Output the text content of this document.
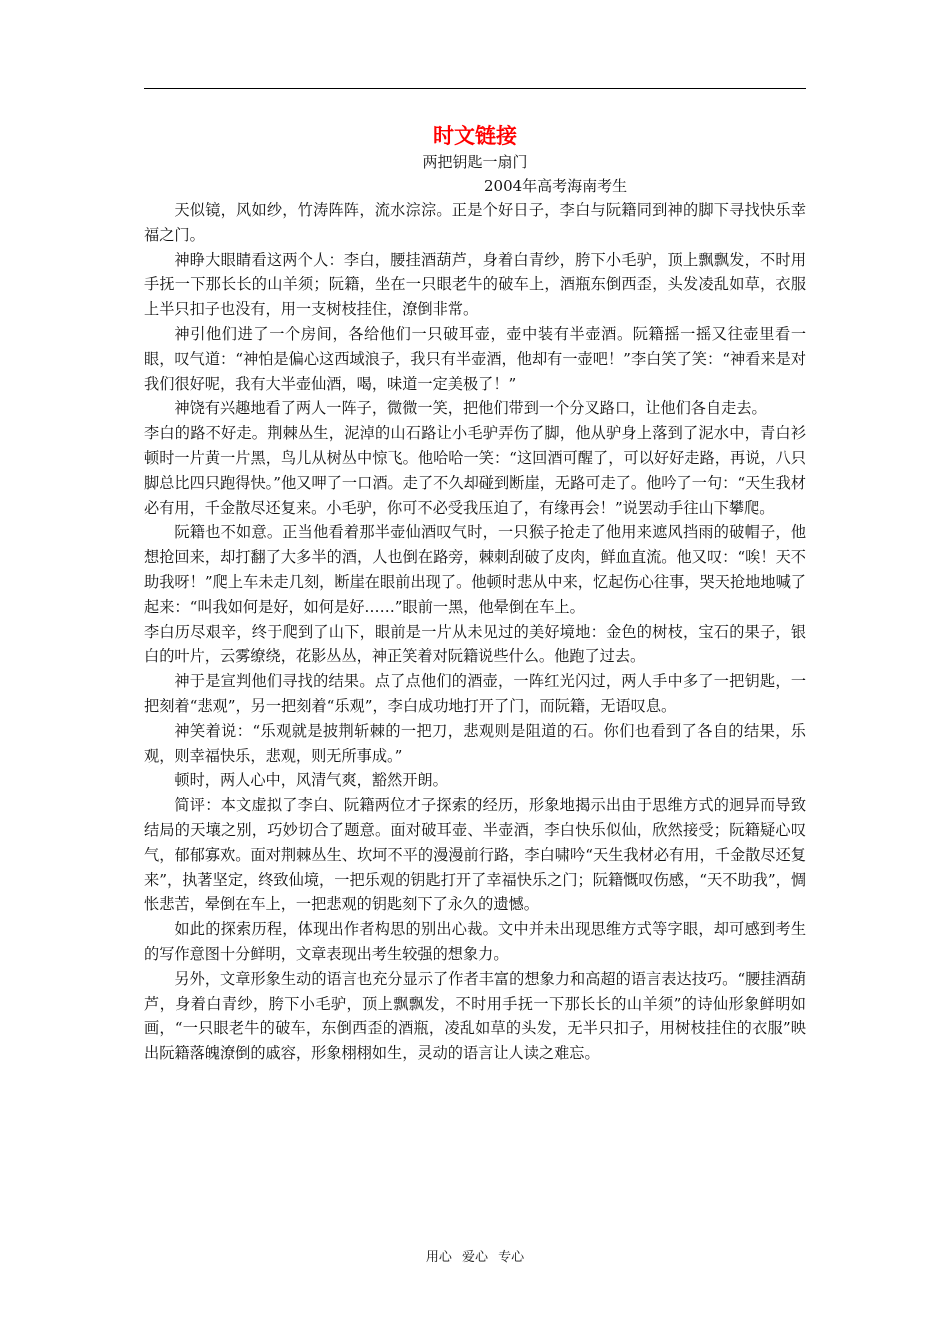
时文链接
两把钥匙一扇门
2004年高考海南考生

天似镜，风如纱，竹涛阵阵，流水淙淙。正是个好日子，李白与阮籍同到神的脚下寻找快乐幸福之门。

神睁大眼睛看这两个人：李白，腰挂酒葫芦，身着白青纱，胯下小毛驴，顶上飘飘发，不时用手抚一下那长长的山羊须；阮籍，坐在一只眼老牛的破车上，酒瓶东倒西歪，头发凌乱如草，衣服上半只扣子也没有，用一支树枝挂住，潦倒非常。

神引他们进了一个房间，各给他们一只破耳壶，壶中装有半壶酒。阮籍摇一摇又往壶里看一眼，叹气道：“神怕是偏心这西域浪子，我只有半壶酒，他却有一壶吧！”李白笑了笑：“神看来是对我们很好呢，我有大半壶仙酒，喝，味道一定美极了！”

神饶有兴趣地看了两人一阵子，微微一笑，把他们带到一个分叉路口，让他们各自走去。

李白的路不好走。荆棘丛生，泥淖的山石路让小毛驴弄伤了脚，他从驴身上落到了泥水中，青白衫顿时一片黄一片黑，鸟儿从树丛中惊飞。他哈哈一笑：“这回酒可醒了，可以好好走路，再说，八只脚总比四只跑得快。”他又呷了一口酒。走了不久却碰到断崖，无路可走了。他吟了一句：“天生我材必有用，千金散尽还复来。小毛驴，你可不必受我压迫了，有缘再会！”说罢动手往山下攀爬。

阮籍也不如意。正当他看着那半壶仙酒叹气时，一只猴子抢走了他用来遮风挡雨的破帽子，他想抢回来，却打翻了大多半的酒，人也倒在路旁，棘刺刮破了皮肉，鲜血直流。他又叹：“唉！天不助我呀！”爬上车未走几刻，断崖在眼前出现了。他顿时悲从中来，忆起伤心往事，哭天抢地地喊了起来：“叫我如何是好，如何是好……”眼前一黑，他晕倒在车上。

李白历尽艰辛，终于爬到了山下，眼前是一片从未见过的美好境地：金色的树枝，宝石的果子，银白的叶片，云雾缭绕，花影丛丛，神正笑着对阮籍说些什么。他跑了过去。

神于是宣判他们寻找的结果。点了点他们的酒壶，一阵红光闪过，两人手中多了一把钥匙，一把刻着“悲观”，另一把刻着“乐观”，李白成功地打开了门，而阮籍，无语叹息。

神笑着说：“乐观就是披荆斩棘的一把刀，悲观则是阻道的石。你们也看到了各自的结果，乐观，则幸福快乐，悲观，则无所事成。”

顿时，两人心中，风清气爽，豁然开朗。

简评：本文虚拟了李白、阮籍两位才子探索的经历，形象地揭示出由于思维方式的迥异而导致结局的天壤之别，巧妙切合了题意。面对破耳壶、半壶酒，李白快乐似仙，欣然接受；阮籍疑心叹气，郁郁寡欢。面对荆棘丛生、坎坷不平的漫漫前行路，李白啸吟“天生我材必有用，千金散尽还复来”，执著坚定，终致仙境，一把乐观的钥匙打开了幸福快乐之门；阮籍慨叹伤感，“天不助我”，惆怅悲苦，晕倒在车上，一把悲观的钥匙刻下了永久的遗憾。

如此的探索历程，体现出作者构思的别出心裁。文中并未出现思维方式等字眼，却可感到考生的写作意图十分鲜明，文章表现出考生较强的想象力。

另外，文章形象生动的语言也充分显示了作者丰富的想象力和高超的语言表达技巧。“腰挂酒葫芦，身着白青纱，胯下小毛驴，顶上飘飘发，不时用手抚一下那长长的山羊须”的诗仙形象鲜明如画，“一只眼老牛的破车，东倒西歪的酒瓶，凌乱如草的头发，无半只扣子，用树枝挂住的衣服”映出阮籍落魄潦倒的戚容，形象栩栩如生，灵动的语言让人读之难忘。

用心 爱心 专心
